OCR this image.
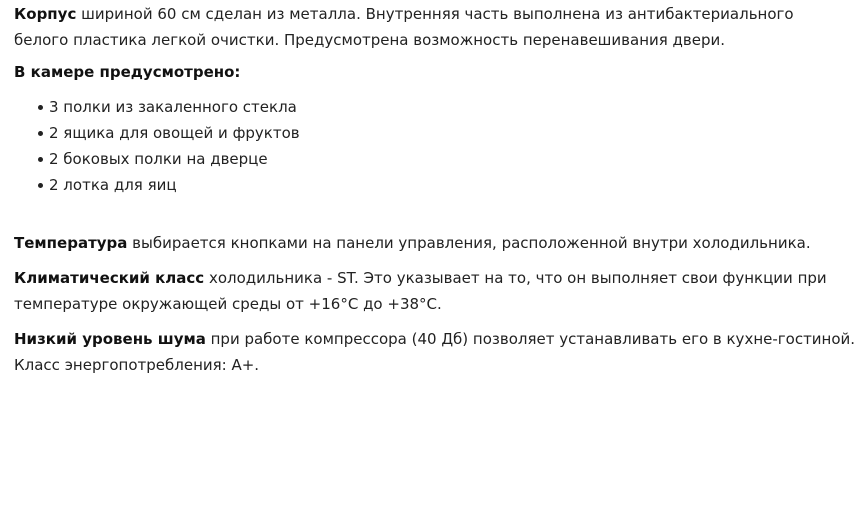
Корпус шириной 60 см сделан из металла. Внутренняя часть выполнена из антибактериального белого пластика легкой очистки. Предусмотрена возможность перенавешивания двери.

В камере предусмотрено:
3 полки из закаленного стекла
2 ящика для овощей и фруктов
2 боковых полки на дверце
2 лотка для яиц

Температура выбирается кнопками на панели управления, расположенной внутри холодильника.

Климатический класс холодильника - ST. Это указывает на то, что он выполняет свои функции при температуре окружающей среды от +16°C до +38°C.

Низкий уровень шума при работе компрессора (40 Дб) позволяет устанавливать его в кухне-гостиной. Класс энергопотребления: А+.
